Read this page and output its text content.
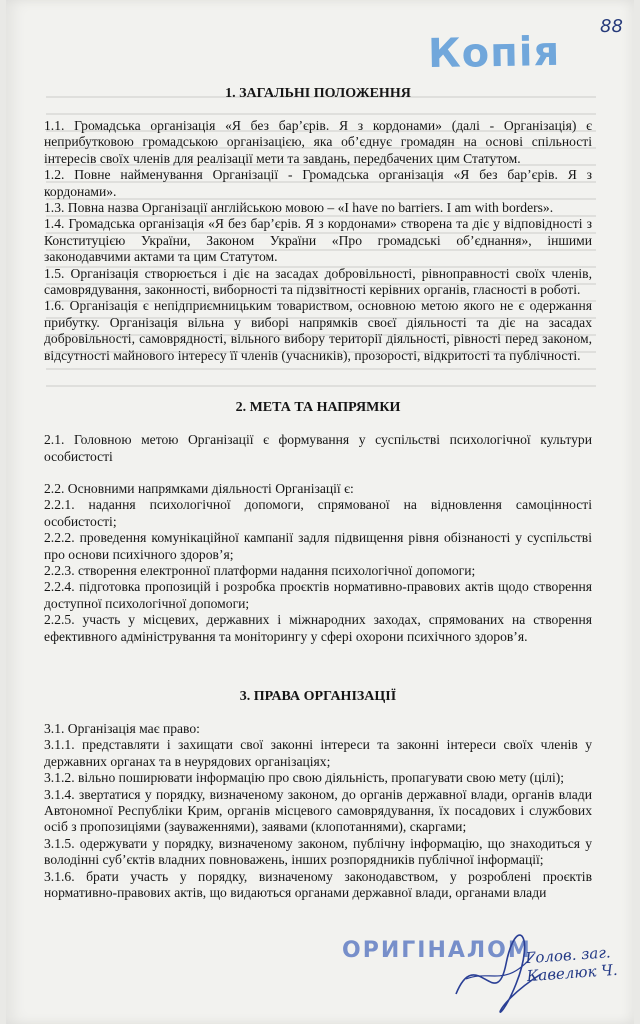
88
Копія
1. ЗАГАЛЬНІ ПОЛОЖЕННЯ

1.1. Громадська організація «Я без бар’єрів. Я з кордонами» (далі - Організація) є неприбутковою громадською організацією, яка об’єднує громадян на основі спільності інтересів своїх членів для реалізації мети та завдань, передбачених цим Статутом.

1.2. Повне найменування Організації - Громадська організація «Я без бар’єрів. Я з кордонами».

1.3. Повна назва Організації англійською мовою – «I have no barriers. I am with borders».

1.4. Громадська організація «Я без бар’єрів. Я з кордонами» створена та діє у відповідності з Конституцією України, Законом України «Про громадські об’єднання», іншими законодавчими актами та цим Статутом.

1.5. Організація створюється і діє на засадах добровільності, рівноправності своїх членів, самоврядування, законності, виборності та підзвітності керівних органів, гласності в роботі.

1.6. Організація є непідприємницьким товариством, основною метою якого не є одержання прибутку. Організація вільна у виборі напрямків своєї діяльності та діє на засадах добровільності, самоврядності, вільного вибору території діяльності, рівності перед законом, відсутності майнового інтересу її членів (учасників), прозорості, відкритості та публічності.

2. МЕТА ТА НАПРЯМКИ

2.1. Головною метою Організації є формування у суспільстві психологічної культури особистості

2.2. Основними напрямками діяльності Організації є:

2.2.1. надання психологічної допомоги, спрямованої на відновлення самоцінності особистості;

2.2.2. проведення комунікаційної кампанії задля підвищення рівня обізнаності у суспільстві про основи психічного здоров’я;

2.2.3. створення електронної платформи надання психологічної допомоги;

2.2.4. підготовка пропозицій і розробка проєктів нормативно-правових актів щодо створення доступної психологічної допомоги;

2.2.5. участь у місцевих, державних і міжнародних заходах, спрямованих на створення ефективного адміністрування та моніторингу у сфері охорони психічного здоров’я.

3. ПРАВА ОРГАНІЗАЦІЇ

3.1. Організація має право:

3.1.1. представляти і захищати свої законні інтереси та законні інтереси своїх членів у державних органах та в неурядових організаціях;

3.1.2. вільно поширювати інформацію про свою діяльність, пропагувати свою мету (цілі);

3.1.4. звертатися у порядку, визначеному законом, до органів державної влади, органів влади Автономної Республіки Крим, органів місцевого самоврядування, їх посадових і службових осіб з пропозиціями (зауваженнями), заявами (клопотаннями), скаргами;

3.1.5. одержувати у порядку, визначеному законом, публічну інформацію, що знаходиться у володінні суб’єктів владних повноважень, інших розпорядників публічної інформації;

3.1.6. брати участь у порядку, визначеному законодавством, у розроблені проєктів нормативно-правових актів, що видаються органами державної влади, органами влади

ОРИГІНАЛОМ
Голов. заг.
Кавелюк Ч.
